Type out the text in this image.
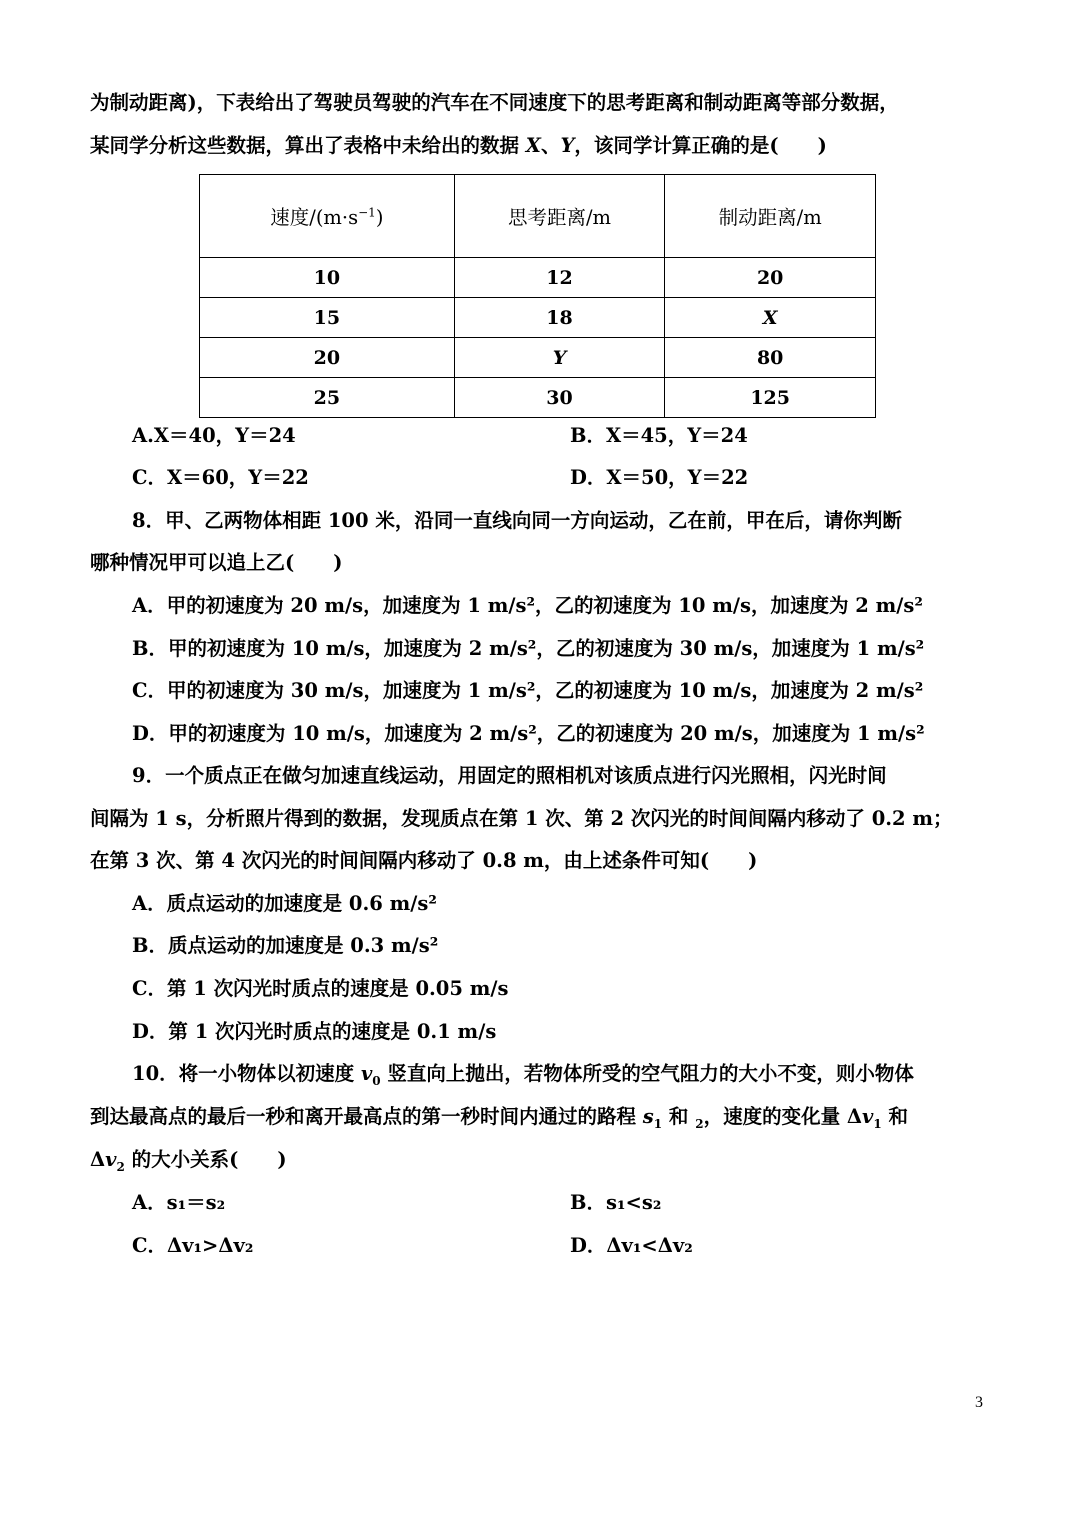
为制动距离)，下表给出了驾驶员驾驶的汽车在不同速度下的思考距离和制动距离等部分数据，
某同学分析这些数据，算出了表格中未给出的数据 X、Y，该同学计算正确的是(　　)
速度$/(m\cdot s^{-1})$	思考距离/m	制动距离/m
10	12	20
15	18	X
20	Y	80
25	30	125
A.X＝40，Y＝24	B．X＝45，Y＝24
C．X＝60，Y＝22	D．X＝50，Y＝22
8．甲、乙两物体相距 100 米，沿同一直线向同一方向运动，乙在前，甲在后，请你判断
哪种情况甲可以追上乙(　　)
A．甲的初速度为 20 m/s，加速度为 1 m/s²，乙的初速度为 10 m/s，加速度为 2 m/s²
B．甲的初速度为 10 m/s，加速度为 2 m/s²，乙的初速度为 30 m/s，加速度为 1 m/s²
C．甲的初速度为 30 m/s，加速度为 1 m/s²，乙的初速度为 10 m/s，加速度为 2 m/s²
D．甲的初速度为 10 m/s，加速度为 2 m/s²，乙的初速度为 20 m/s，加速度为 1 m/s²
9．一个质点正在做匀加速直线运动，用固定的照相机对该质点进行闪光照相，闪光时间
间隔为 1 s，分析照片得到的数据，发现质点在第 1 次、第 2 次闪光的时间间隔内移动了 0.2 m；
在第 3 次、第 4 次闪光的时间间隔内移动了 0.8 m，由上述条件可知(　　)
A．质点运动的加速度是 0.6 m/s²
B．质点运动的加速度是 0.3 m/s²
C．第 1 次闪光时质点的速度是 0.05 m/s
D．第 1 次闪光时质点的速度是 0.1 m/s
10．将一小物体以初速度 $v_0$ 竖直向上抛出，若物体所受的空气阻力的大小不变，则小物体
到达最高点的最后一秒和离开最高点的第一秒时间内通过的路程 $s_1$ 和 $_2$，速度的变化量 $\Delta v_1$ 和
$\Delta v_2$ 的大小关系(　　)
A．s₁＝s₂	B．s₁<s₂
C．Δv₁>Δv₂	D．Δv₁<Δv₂
3
